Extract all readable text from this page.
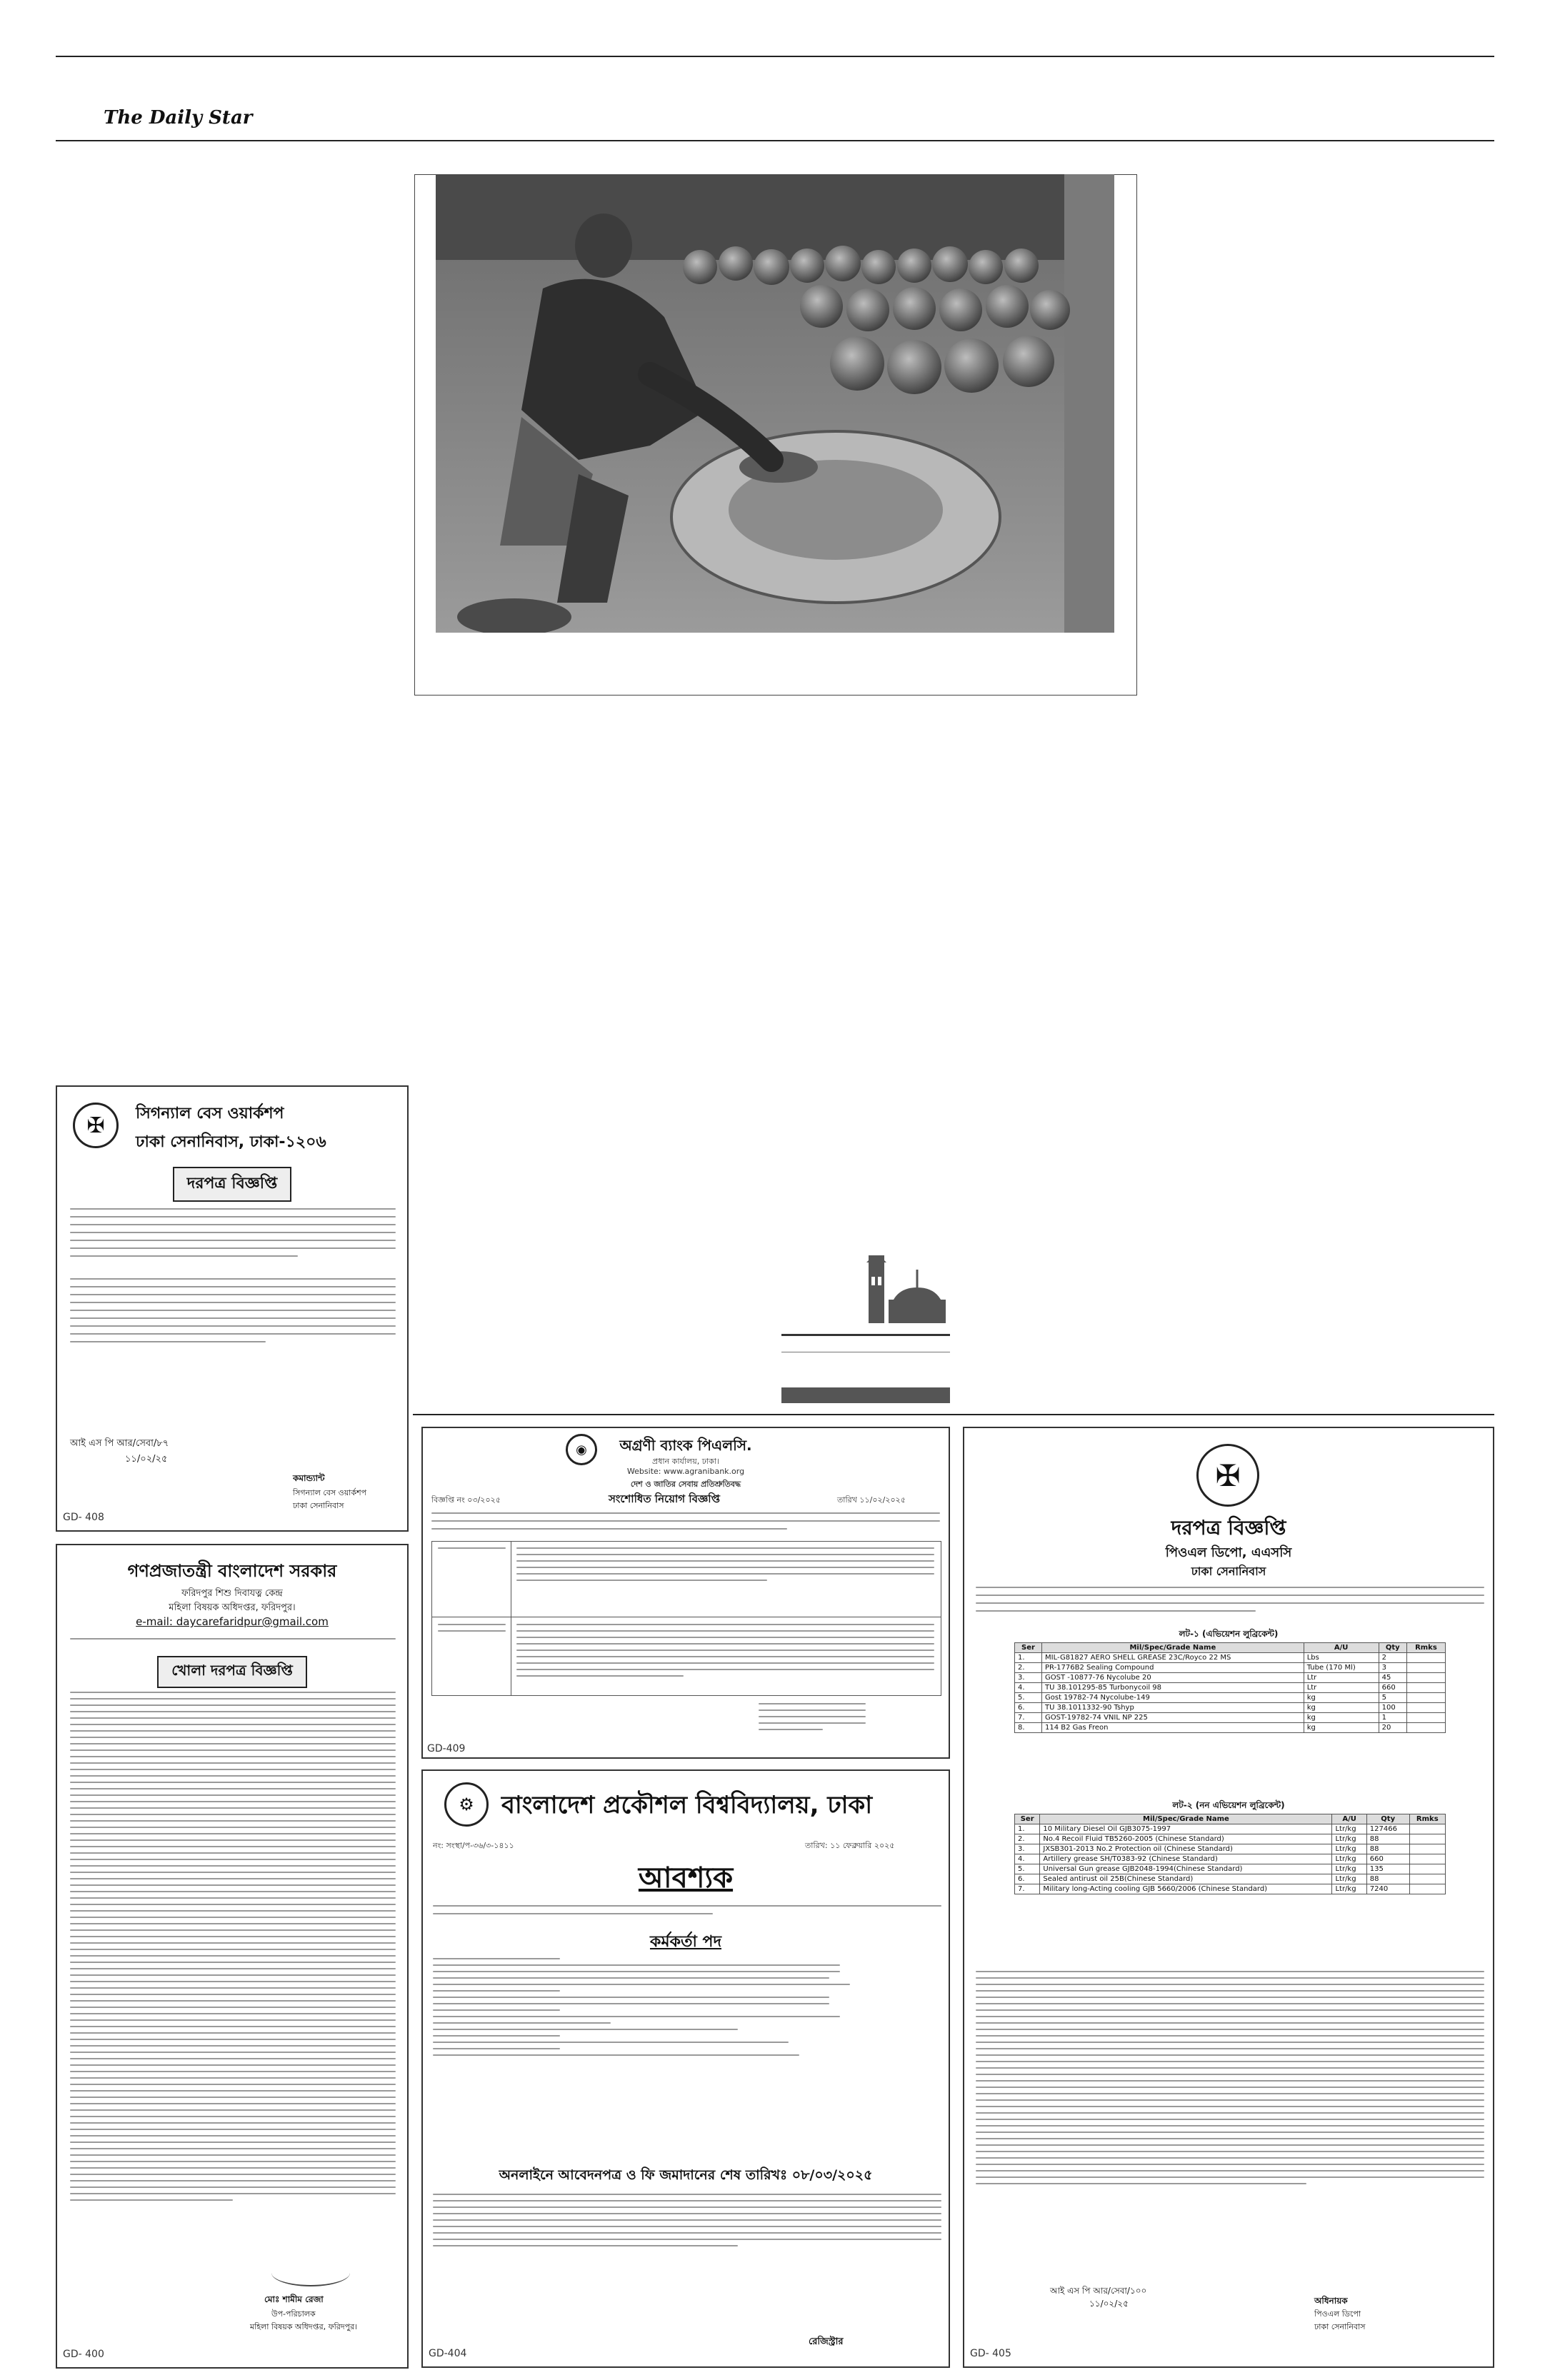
The Daily Star
✠	সিগন্যাল বেস ওয়ার্কশপ
ঢাকা সেনানিবাস, ঢাকা-১২০৬
দরপত্র বিজ্ঞপ্তি
আই এস পি আর/সেবা/৮৭
১১/০২/২৫
কমান্ড্যান্ট
সিগন্যাল বেস ওয়ার্কশপ
ঢাকা সেনানিবাস
GD- 408
গণপ্রজাতন্ত্রী বাংলাদেশ সরকার
ফরিদপুর শিশু দিবাযত্ন কেন্দ্র
মহিলা বিষয়ক অধিদপ্তর, ফরিদপুর।
e-mail: daycarefaridpur@gmail.com
খোলা দরপত্র বিজ্ঞপ্তি
মোঃ শামীম রেজা
উপ-পরিচালক
মহিলা বিষয়ক অধিদপ্তর, ফরিদপুর।
GD- 400
◉	অগ্রণী ব্যাংক পিএলসি.
প্রধান কার্যালয়, ঢাকা।
Website: www.agranibank.org
দেশ ও জাতির সেবায় প্রতিশ্রুতিবদ্ধ
বিজ্ঞপ্তি নং ০৩/২০২৫	সংশোধিত নিয়োগ বিজ্ঞপ্তি	তারিখ ১১/০২/২০২৫
GD-409
⚙	বাংলাদেশ প্রকৌশল বিশ্ববিদ্যালয়, ঢাকা
নং: সংস্থা/প-৩৬/৩-১৪১১	তারিখ: ১১ ফেব্রুয়ারি ২০২৫
আবশ্যক
কর্মকর্তা পদ
অনলাইনে আবেদনপত্র ও ফি জমাদানের শেষ তারিখঃ ০৮/০৩/২০২৫
রেজিস্ট্রার
GD-404
✠
দরপত্র বিজ্ঞপ্তি
পিওএল ডিপো, এএসসি
ঢাকা সেনানিবাস
লট-১ (এভিয়েশন লুব্রিকেন্ট)
Ser	Mil/Spec/Grade Name	A/U	Qty	Rmks
1.	MIL-G81827 AERO SHELL GREASE 23C/Royco 22 MS	Lbs	2	
2.	PR-1776B2 Sealing Compound	Tube (170 Ml)	3	
3.	GOST -10877-76 Nycolube 20	Ltr	45	
4.	TU 38.101295-85 Turbonycoil 98	Ltr	660	
5.	Gost 19782-74 Nycolube-149	kg	5	
6.	TU 38.1011332-90 Tshyp	kg	100	
7.	GOST-19782-74 VNIL NP 225	kg	1	
8.	114 B2 Gas Freon	kg	20	
লট-২ (নন এভিয়েশন লুব্রিকেন্ট)
Ser	Mil/Spec/Grade Name	A/U	Qty	Rmks
1.	10 Military Diesel Oil GJB3075-1997	Ltr/kg	127466	
2.	No.4 Recoil Fluid TB5260-2005 (Chinese Standard)	Ltr/kg	88	
3.	JXSB301-2013 No.2 Protection oil (Chinese Standard)	Ltr/kg	88	
4.	Artillery grease SH/T0383-92 (Chinese Standard)	Ltr/kg	660	
5.	Universal Gun grease GJB2048-1994(Chinese Standard)	Ltr/kg	135	
6.	Sealed antirust oil 25B(Chinese Standard)	Ltr/kg	88	
7.	Military long-Acting cooling GJB 5660/2006 (Chinese Standard)	Ltr/kg	7240	
আই এস পি আর/সেবা/১০০
১১/০২/২৫	অধিনায়ক
পিওএল ডিপো
ঢাকা সেনানিবাস
GD- 405
